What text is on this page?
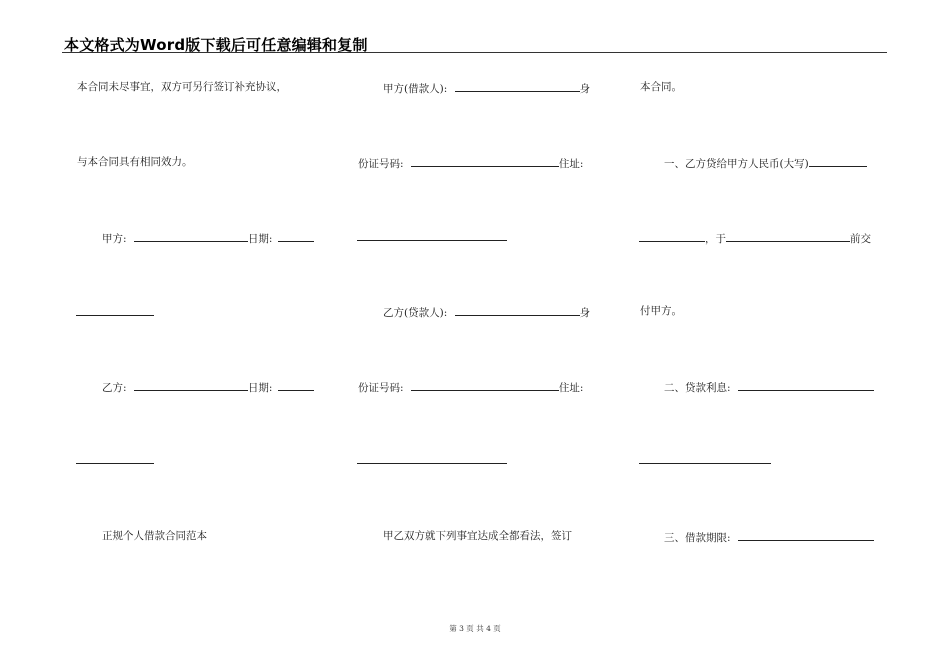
本文格式为Word版下载后可任意编辑和复制
本合同未尽事宜，双方可另行签订补充协议，
与本合同具有相同效力。
甲方:	日期:
乙方:	日期:
正规个人借款合同范本
甲方(借款人):	身
份证号码:	住址:
乙方(贷款人):	身
份证号码:	住址:
甲乙双方就下列事宜达成全都看法，签订
本合同。
一、乙方贷给甲方人民币(大写)
，于	前交
付甲方。
二、贷款利息:
三、借款期限:
第 3 页 共 4 页
